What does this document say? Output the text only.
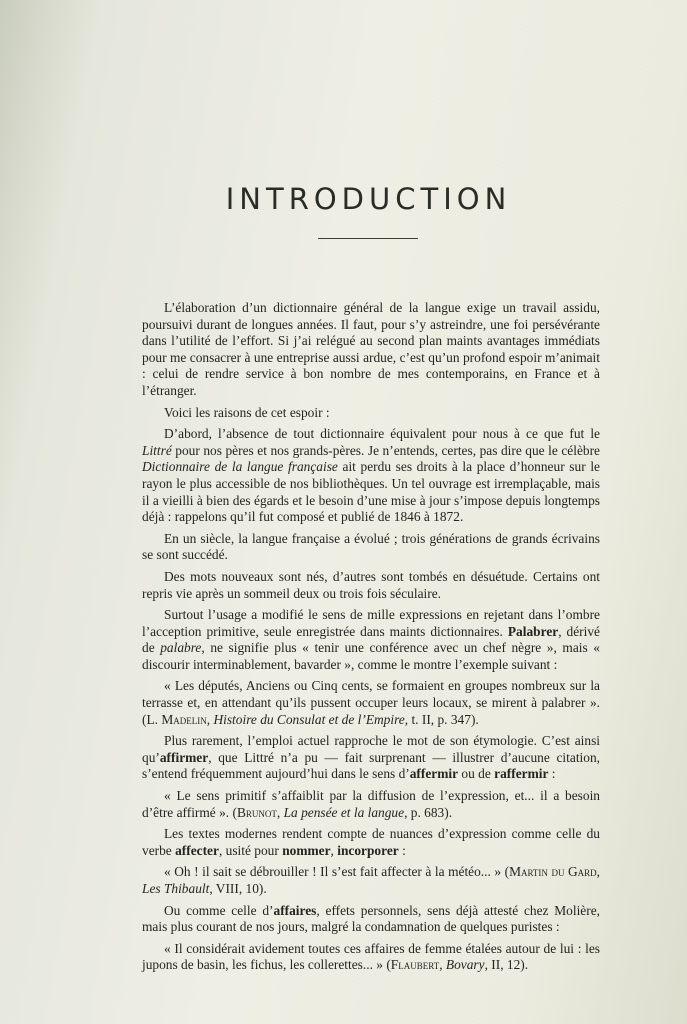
INTRODUCTION

L’élaboration d’un dictionnaire général de la langue exige un travail assidu, poursuivi durant de longues années. Il faut, pour s’y astreindre, une foi persévérante dans l’utilité de l’effort. Si j’ai relégué au second plan maints avantages immédiats pour me consacrer à une entreprise aussi ardue, c’est qu’un profond espoir m’animait : celui de rendre service à bon nombre de mes contemporains, en France et à l’étranger.

Voici les raisons de cet espoir :

D’abord, l’absence de tout dictionnaire équivalent pour nous à ce que fut le Littré pour nos pères et nos grands-pères. Je n’entends, certes, pas dire que le célèbre Dictionnaire de la langue française ait perdu ses droits à la place d’honneur sur le rayon le plus accessible de nos bibliothèques. Un tel ouvrage est irremplaçable, mais il a vieilli à bien des égards et le besoin d’une mise à jour s’impose depuis longtemps déjà : rappelons qu’il fut composé et publié de 1846 à 1872.

En un siècle, la langue française a évolué ; trois générations de grands écrivains se sont succédé.

Des mots nouveaux sont nés, d’autres sont tombés en désuétude. Certains ont repris vie après un sommeil deux ou trois fois séculaire.

Surtout l’usage a modifié le sens de mille expressions en rejetant dans l’ombre l’acception primitive, seule enregistrée dans maints dictionnaires. Palabrer, dérivé de palabre, ne signifie plus « tenir une conférence avec un chef nègre », mais « discourir interminablement, bavarder », comme le montre l’exemple suivant :

« Les députés, Anciens ou Cinq cents, se formaient en groupes nombreux sur la terrasse et, en attendant qu’ils pussent occuper leurs locaux, se mirent à palabrer ». (L. Madelin, Histoire du Consulat et de l’Empire, t. II, p. 347).

Plus rarement, l’emploi actuel rapproche le mot de son étymologie. C’est ainsi qu’affirmer, que Littré n’a pu — fait surprenant — illustrer d’aucune citation, s’entend fréquemment aujourd’hui dans le sens d’affermir ou de raffermir :

« Le sens primitif s’affaiblit par la diffusion de l’expression, et... il a besoin d’être affirmé ». (Brunot, La pensée et la langue, p. 683).

Les textes modernes rendent compte de nuances d’expression comme celle du verbe affecter, usité pour nommer, incorporer :

« Oh ! il sait se débrouiller ! Il s’est fait affecter à la météo... » (Martin du Gard, Les Thibault, VIII, 10).

Ou comme celle d’affaires, effets personnels, sens déjà attesté chez Molière, mais plus courant de nos jours, malgré la condamnation de quelques puristes :

« Il considérait avidement toutes ces affaires de femme étalées autour de lui : les jupons de basin, les fichus, les collerettes... » (Flaubert, Bovary, II, 12).
